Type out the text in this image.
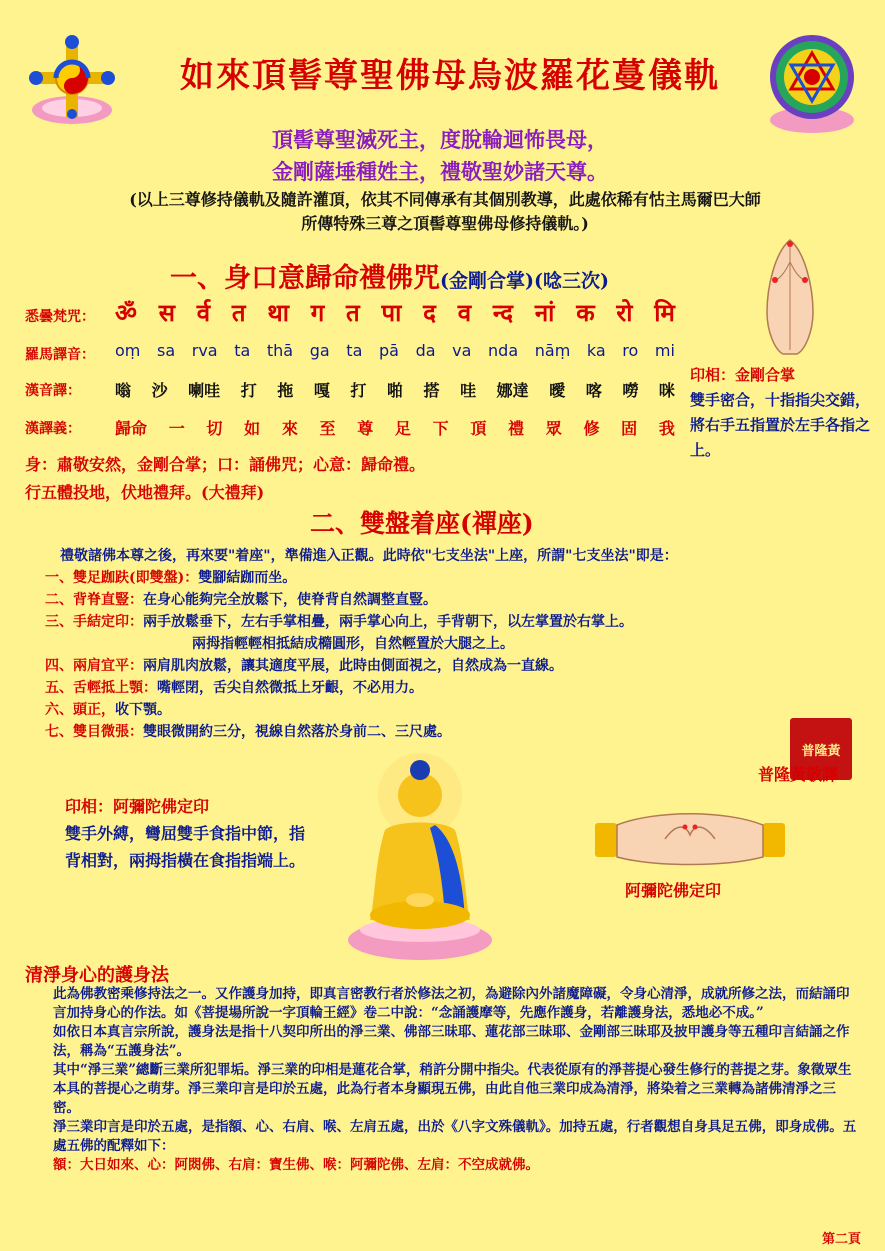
如來頂髻尊聖佛母烏波羅花蔓儀軌
頂髻尊聖滅死主，度脫輪迴怖畏母，
金剛薩埵種姓主，禮敬聖妙諸天尊。
(以上三尊修持儀軌及隨許灌頂，依其不同傳承有其個別教導，此處依稀有怙主馬爾巴大師
所傳特殊三尊之頂髻尊聖佛母修持儀軌。)
一、身口意歸命禮佛咒(金剛合掌)(唸三次)
悉曇梵咒： ॐ स र्व त था ग त पा द व न्द नां क रो मि
羅馬譯音： oṃ sa rva ta thā ga ta pā da va nda nāṃ ka ro mi
漢音譯： 嗡 沙 喇哇 打 拖 嘎 打 啪 搭 哇 娜達 曖 喀 嘮 咪
漢譯義： 歸命 一 切 如 來 至 尊 足 下 頂 禮 眾 修 固 我
印相：金剛合掌
雙手密合，十指指尖交錯，將右手五指置於左手各指之上。
身：肅敬安然，金剛合掌；口：誦佛咒；心意：歸命禮。
行五體投地，伏地禮拜。(大禮拜)
二、雙盤着座(禪座)
禮敬諸佛本尊之後，再來要"着座"，準備進入正觀。此時依"七支坐法"上座，所謂"七支坐法"即是：
一、雙足跏趺(即雙盤)：雙腳結跏而坐。
二、背脊直豎：在身心能夠完全放鬆下，使脊背自然調整直豎。
三、手結定印：兩手放鬆垂下，左右手掌相疊，兩手掌心向上，手背朝下，以左掌置於右掌上。
兩拇指輕輕相抵結成橢圓形，自然輕置於大腿之上。
四、兩肩宜平：兩肩肌肉放鬆，讓其適度平展，此時由側面視之，自然成為一直線。
五、舌輕抵上顎：嘴輕閉，舌尖自然微抵上牙齦，不必用力。
六、頭正，收下顎。
七、雙目微張：雙眼微開約三分，視線自然落於身前二、三尺處。
普隆黃
普隆黃敬譯
印相：阿彌陀佛定印
雙手外縛，彎屈雙手食指中節，指背相對，兩拇指橫在食指指端上。
阿彌陀佛定印
清淨身心的護身法

此為佛教密乘修持法之一。又作護身加持，即真言密教行者於修法之初，為避除內外諸魔障礙，令身心清淨，成就所修之法，而結誦印言加持身心的作法。如《菩提場所說一字頂輪王經》卷二中說：“念誦護摩等，先應作護身，若離護身法，悉地必不成。”

如依日本真言宗所說，護身法是指十八契印所出的淨三業、佛部三昧耶、蓮花部三昧耶、金剛部三昧耶及披甲護身等五種印言結誦之作法，稱為“五護身法”。

其中“淨三業”總斷三業所犯罪垢。淨三業的印相是蓮花合掌，稍許分開中指尖。代表從原有的淨菩提心發生修行的菩提之芽。象徵眾生本具的菩提心之萌芽。淨三業印言是印於五處，此為行者本身顯現五佛，由此自他三業印成為清淨，將染着之三業轉為諸佛清淨之三密。

淨三業印言是印於五處，是指額、心、右肩、喉、左肩五處，出於《八字文殊儀軌》。加持五處，行者觀想自身具足五佛，即身成佛。五處五佛的配釋如下：

額：大日如來、心：阿閦佛、右肩：寶生佛、喉：阿彌陀佛、左肩：不空成就佛。

第二頁
